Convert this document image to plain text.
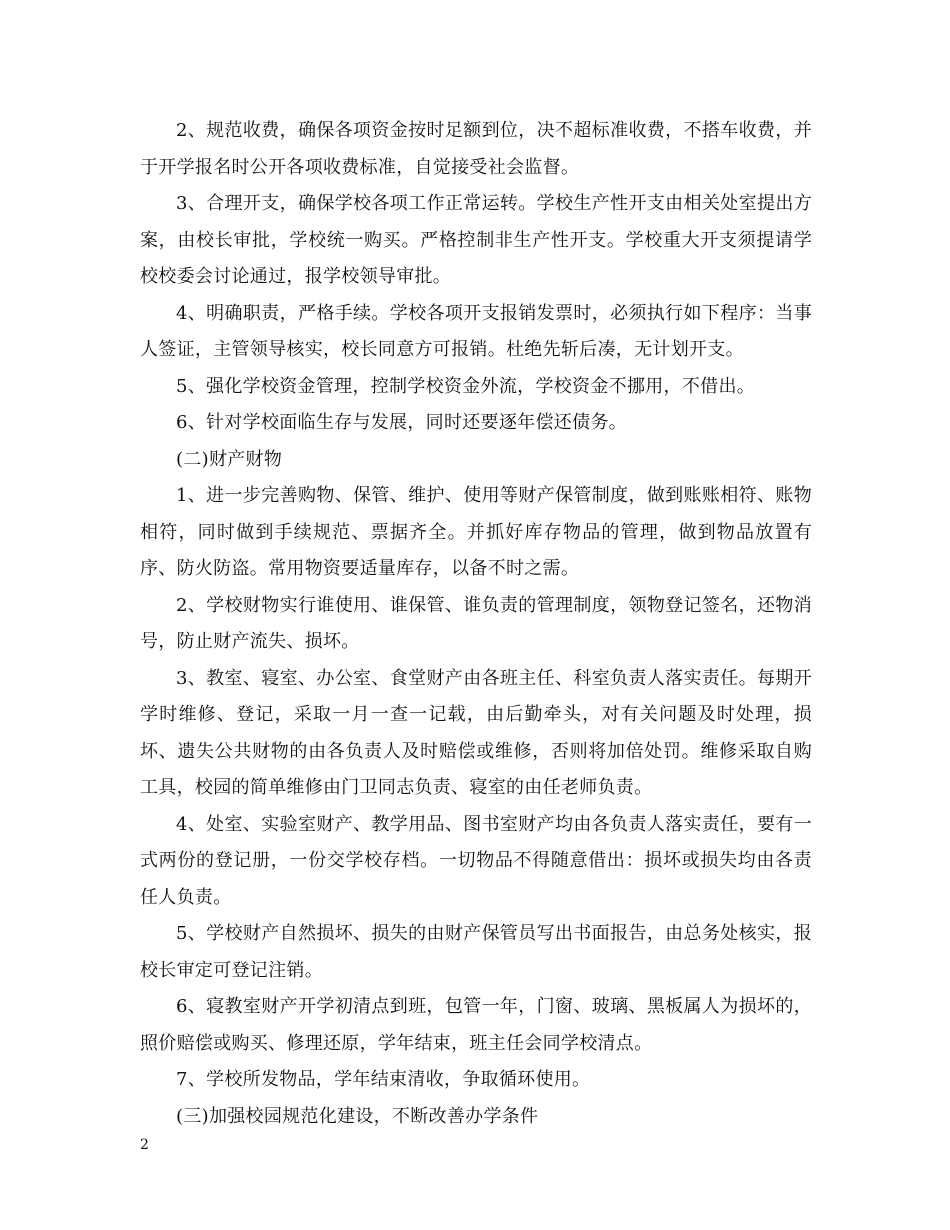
2、规范收费，确保各项资金按时足额到位，决不超标准收费，不搭车收费，并于开学报名时公开各项收费标准，自觉接受社会监督。

3、合理开支，确保学校各项工作正常运转。学校生产性开支由相关处室提出方案，由校长审批，学校统一购买。严格控制非生产性开支。学校重大开支须提请学校校委会讨论通过，报学校领导审批。

4、明确职责，严格手续。学校各项开支报销发票时，必须执行如下程序：当事人签证，主管领导核实，校长同意方可报销。杜绝先斩后凑，无计划开支。

5、强化学校资金管理，控制学校资金外流，学校资金不挪用，不借出。

6、针对学校面临生存与发展，同时还要逐年偿还债务。

(二)财产财物

1、进一步完善购物、保管、维护、使用等财产保管制度，做到账账相符、账物相符，同时做到手续规范、票据齐全。并抓好库存物品的管理，做到物品放置有序、防火防盗。常用物资要适量库存，以备不时之需。

2、学校财物实行谁使用、谁保管、谁负责的管理制度，领物登记签名，还物消号，防止财产流失、损坏。

3、教室、寝室、办公室、食堂财产由各班主任、科室负责人落实责任。每期开学时维修、登记，采取一月一查一记载，由后勤牵头，对有关问题及时处理，损坏、遗失公共财物的由各负责人及时赔偿或维修，否则将加倍处罚。维修采取自购工具，校园的简单维修由门卫同志负责、寝室的由任老师负责。

4、处室、实验室财产、教学用品、图书室财产均由各负责人落实责任，要有一式两份的登记册，一份交学校存档。一切物品不得随意借出：损坏或损失均由各责任人负责。

5、学校财产自然损坏、损失的由财产保管员写出书面报告，由总务处核实，报校长审定可登记注销。

6、寝教室财产开学初清点到班，包管一年，门窗、玻璃、黑板属人为损坏的，照价赔偿或购买、修理还原，学年结束，班主任会同学校清点。

7、学校所发物品，学年结束清收，争取循环使用。

(三)加强校园规范化建设，不断改善办学条件

2
